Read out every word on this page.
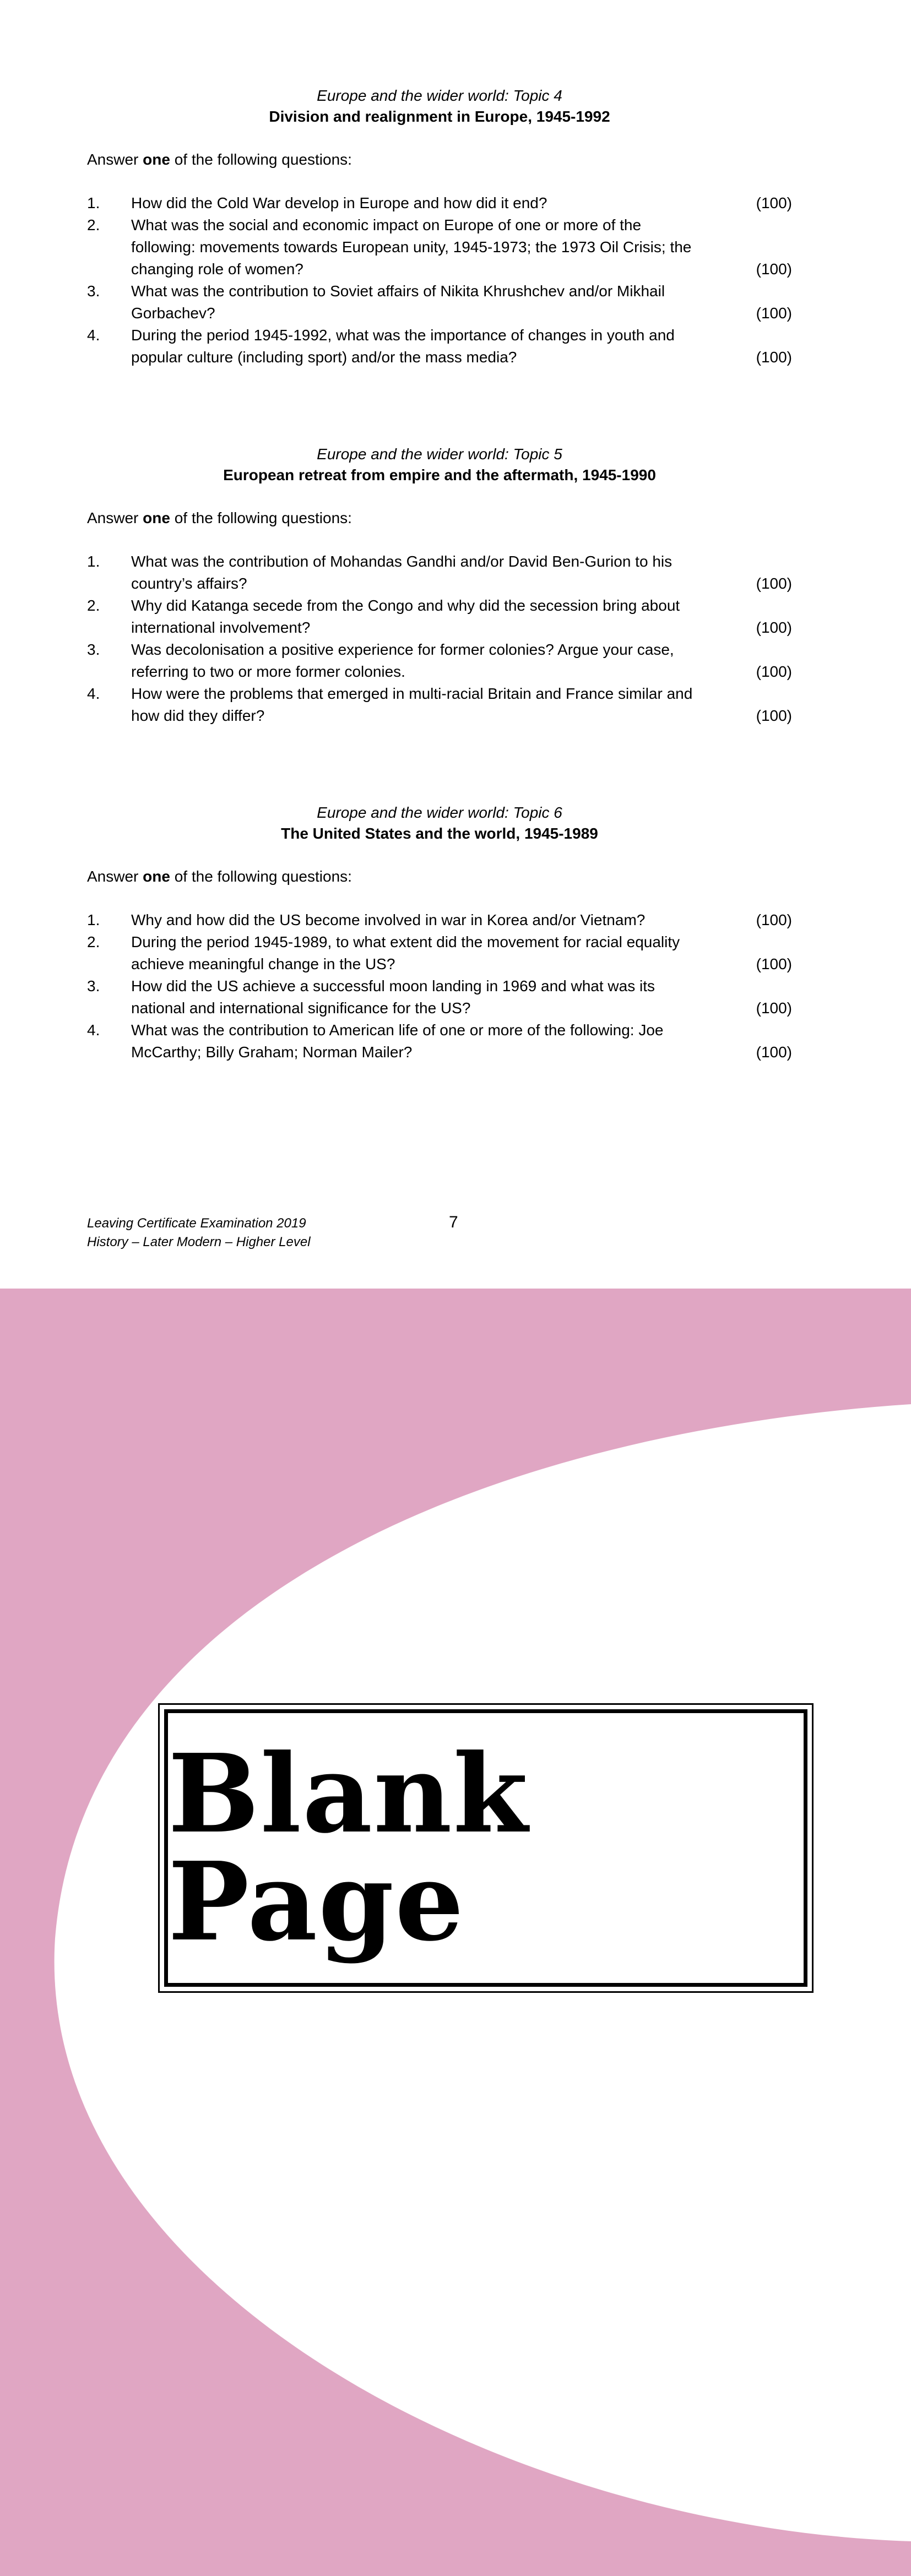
Europe and the wider world: Topic 4
Division and realignment in Europe, 1945-1992
Answer one of the following questions:
1. How did the Cold War develop in Europe and how did it end?	(100)
2. What was the social and economic impact on Europe of one or more of the following: movements towards European unity, 1945-1973; the 1973 Oil Crisis; the changing role of women?	(100)
3. What was the contribution to Soviet affairs of Nikita Khrushchev and/or Mikhail Gorbachev?	(100)
4. During the period 1945-1992, what was the importance of changes in youth and popular culture (including sport) and/or the mass media?	(100)
Europe and the wider world: Topic 5
European retreat from empire and the aftermath, 1945-1990
Answer one of the following questions:
1. What was the contribution of Mohandas Gandhi and/or David Ben-Gurion to his country’s affairs?	(100)
2. Why did Katanga secede from the Congo and why did the secession bring about international involvement?	(100)
3. Was decolonisation a positive experience for former colonies? Argue your case, referring to two or more former colonies.	(100)
4. How were the problems that emerged in multi-racial Britain and France similar and how did they differ?	(100)
Europe and the wider world: Topic 6
The United States and the world, 1945-1989
Answer one of the following questions:
1. Why and how did the US become involved in war in Korea and/or Vietnam?	(100)
2. During the period 1945-1989, to what extent did the movement for racial equality achieve meaningful change in the US?	(100)
3. How did the US achieve a successful moon landing in 1969 and what was its national and international significance for the US?	(100)
4. What was the contribution to American life of one or more of the following: Joe McCarthy; Billy Graham; Norman Mailer?	(100)
Leaving Certificate Examination 2019
History – Later Modern – Higher Level
7
Blank Page
